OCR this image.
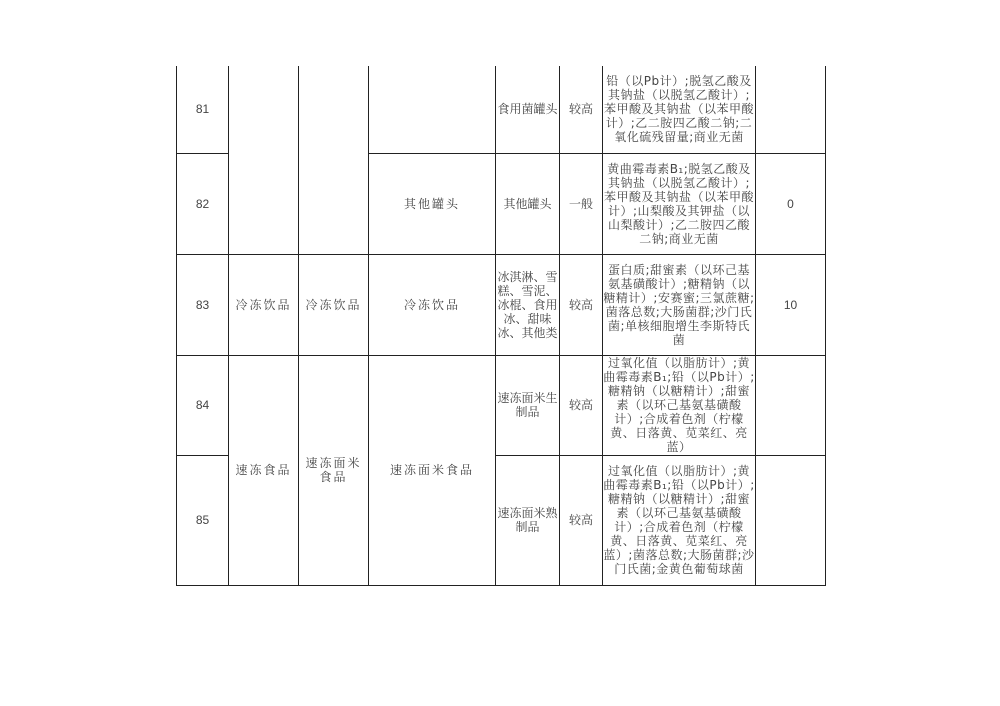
81				食用菌罐头	较高	铅（以Pb计）;脱氢乙酸及其钠盐（以脱氢乙酸计）;苯甲酸及其钠盐（以苯甲酸计）;乙二胺四乙酸二钠;二氧化硫残留量;商业无菌	
82			其他罐头	其他罐头	一般	黄曲霉毒素B₁;脱氢乙酸及其钠盐（以脱氢乙酸计）;苯甲酸及其钠盐（以苯甲酸计）;山梨酸及其钾盐（以山梨酸计）;乙二胺四乙酸二钠;商业无菌	0
83	冷冻饮品	冷冻饮品	冷冻饮品	冰淇淋、雪糕、雪泥、冰棍、食用冰、甜味冰、其他类	较高	蛋白质;甜蜜素（以环己基氨基磺酸计）;糖精钠（以糖精计）;安赛蜜;三氯蔗糖;菌落总数;大肠菌群;沙门氏菌;单核细胞增生李斯特氏菌	10
84	速冻食品	速冻面米食品	速冻面米食品	速冻面米生制品	较高	过氧化值（以脂肪计）;黄曲霉毒素B₁;铅（以Pb计）;糖精钠（以糖精计）;甜蜜素（以环己基氨基磺酸计）;合成着色剂（柠檬黄、日落黄、苋菜红、亮蓝）	
85				速冻面米熟制品	较高	过氧化值（以脂肪计）;黄曲霉毒素B₁;铅（以Pb计）;糖精钠（以糖精计）;甜蜜素（以环己基氨基磺酸计）;合成着色剂（柠檬黄、日落黄、苋菜红、亮蓝）;菌落总数;大肠菌群;沙门氏菌;金黄色葡萄球菌	
